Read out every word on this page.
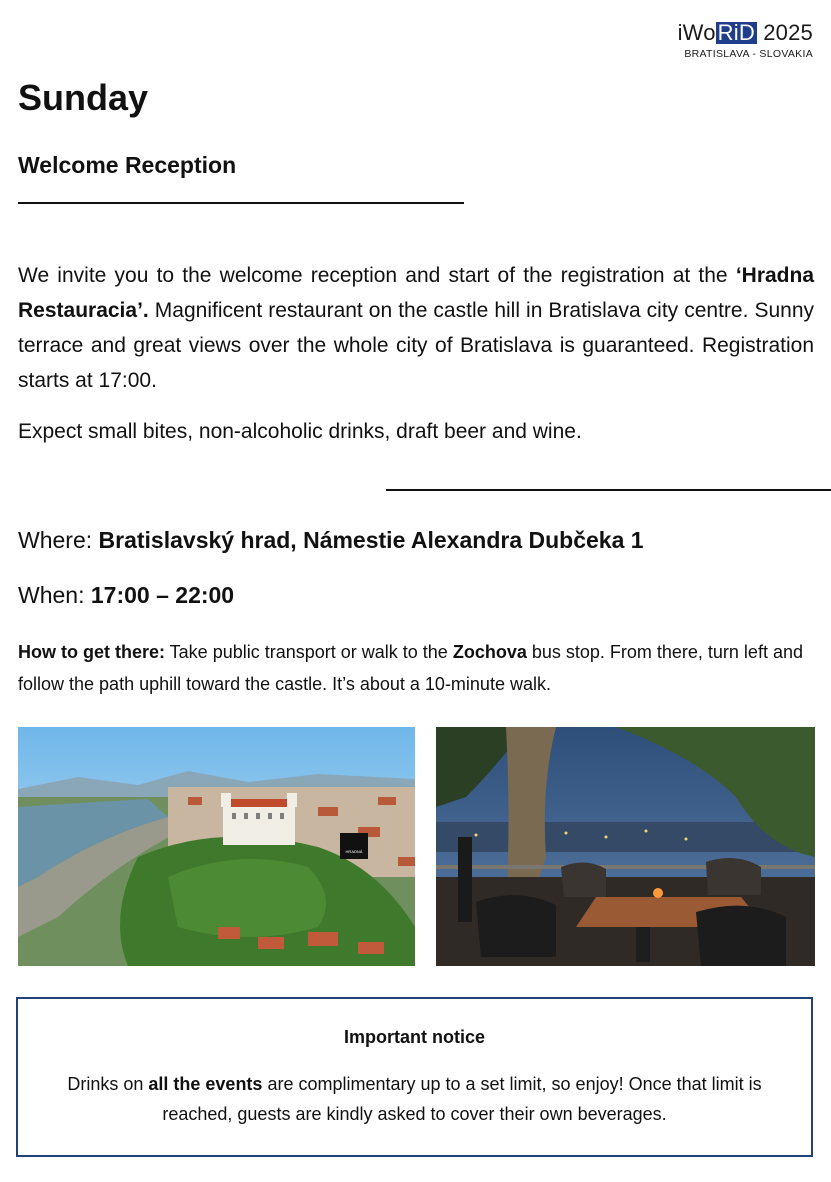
iWoRiD 2025
BRATISLAVA - SLOVAKIA
Sunday
Welcome Reception

We invite you to the welcome reception and start of the registration at the ‘Hradna Restauracia’. Magnificent restaurant on the castle hill in Bratislava city centre. Sunny terrace and great views over the whole city of Bratislava is guaranteed. Registration starts at 17:00.

Expect small bites, non-alcoholic drinks, draft beer and wine.

Where: Bratislavský hrad, Námestie Alexandra Dubčeka 1

When: 17:00 – 22:00

How to get there: Take public transport or walk to the Zochova bus stop. From there, turn left and follow the path uphill toward the castle. It’s about a 10-minute walk.

HRADNÁ
Important notice

Drinks on all the events are complimentary up to a set limit, so enjoy! Once that limit is reached, guests are kindly asked to cover their own beverages.
